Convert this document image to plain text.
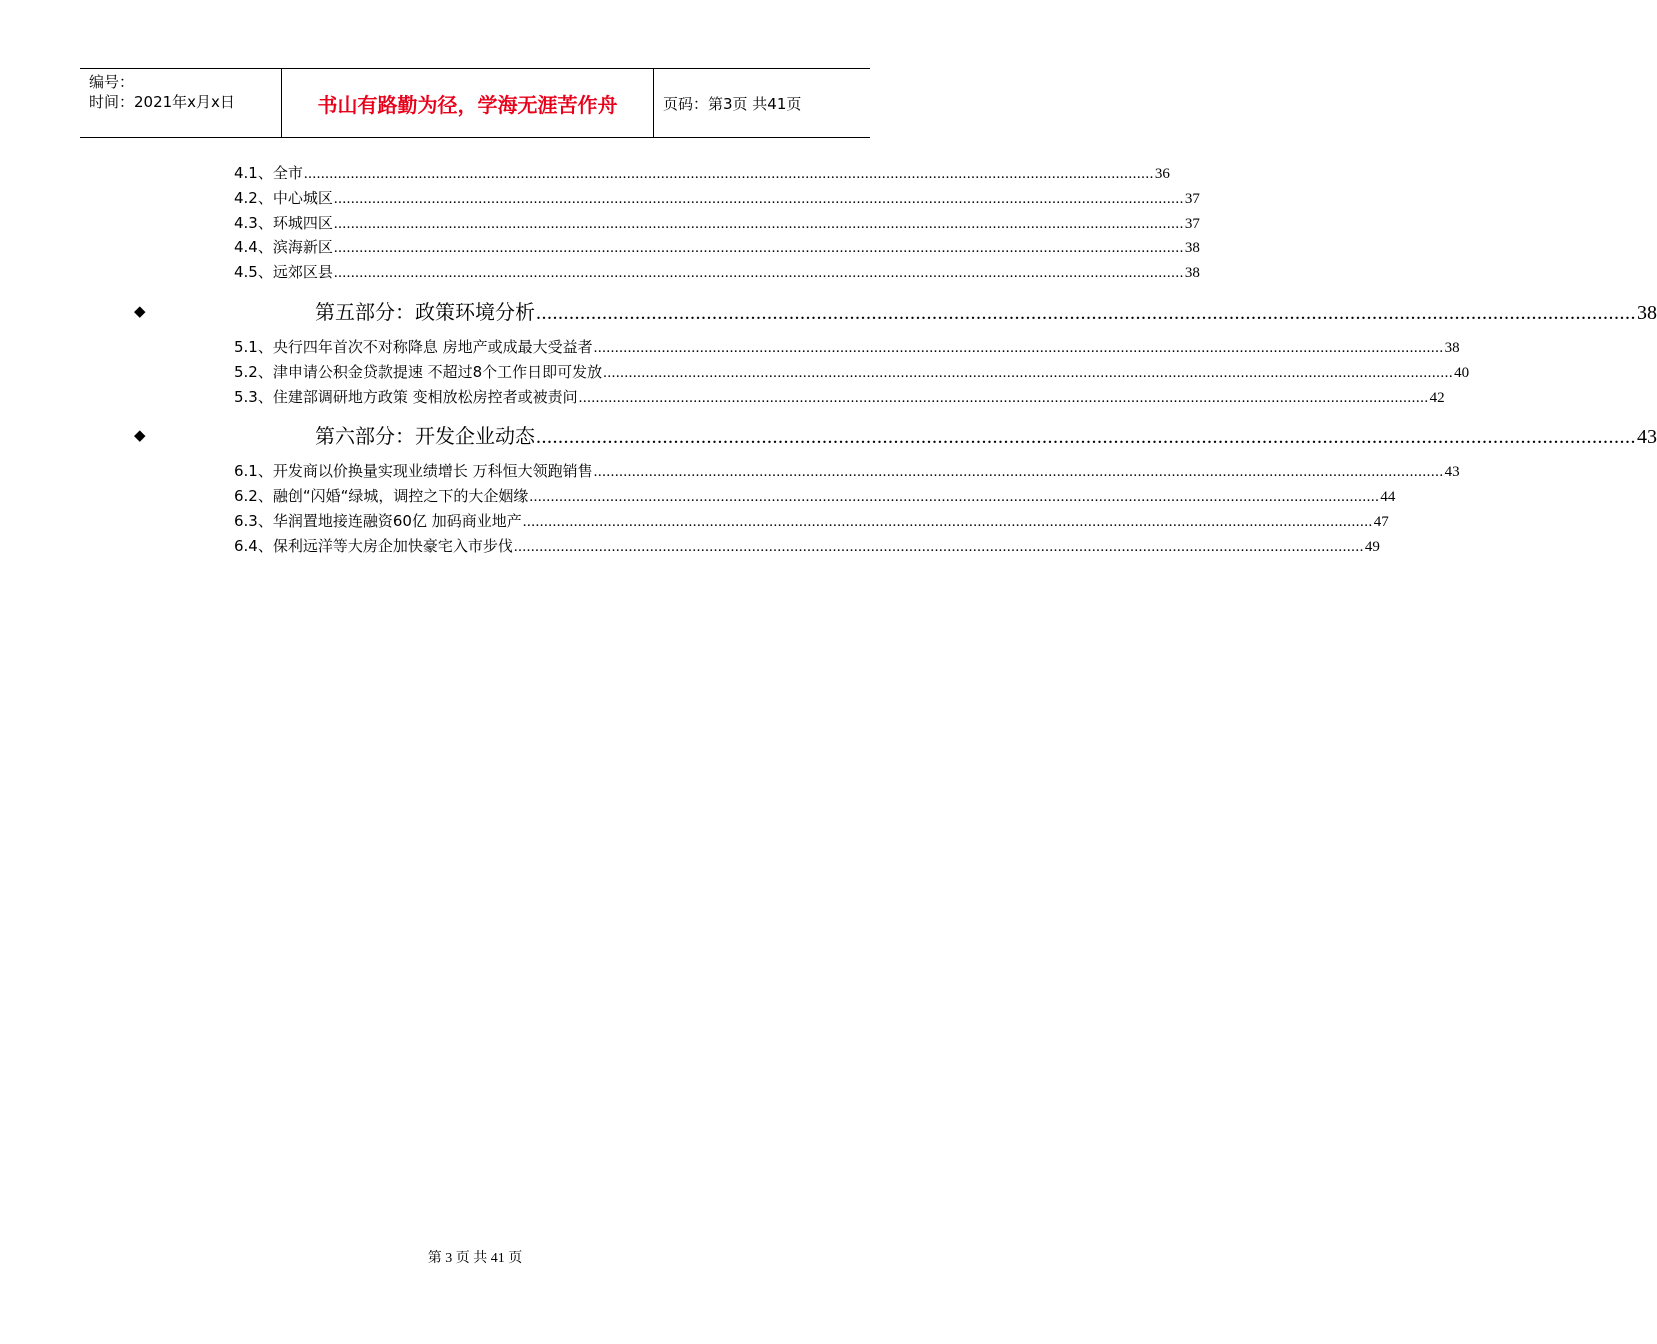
编号：
时间：2021年x月x日	书山有路勤为径，学海无涯苦作舟	页码：第3页 共41页
4.1、全市 ........................................................................................................................................................................................................ 36
4.2、中心城区 ........................................................................................................................................................................................................ 37
4.3、环城四区 ........................................................................................................................................................................................................ 37
4.4、滨海新区 ........................................................................................................................................................................................................ 38
4.5、远郊区县 ........................................................................................................................................................................................................ 38
◆	第五部分：政策环境分析 ........................................................................................................................................................................................................ 38
5.1、央行四年首次不对称降息 房地产或成最大受益者 ........................................................................................................................................................................................................ 38
5.2、津申请公积金贷款提速 不超过8个工作日即可发放 ........................................................................................................................................................................................................ 40
5.3、住建部调研地方政策 变相放松房控者或被责问 ........................................................................................................................................................................................................ 42
◆	第六部分：开发企业动态 ........................................................................................................................................................................................................ 43
6.1、开发商以价换量实现业绩增长 万科恒大领跑销售 ........................................................................................................................................................................................................ 43
6.2、融创“闪婚“绿城，调控之下的大企姻缘 ........................................................................................................................................................................................................ 44
6.3、华润置地接连融资60亿 加码商业地产 ........................................................................................................................................................................................................ 47
6.4、保利远洋等大房企加快豪宅入市步伐 ........................................................................................................................................................................................................ 49
第 3 页 共 41 页
